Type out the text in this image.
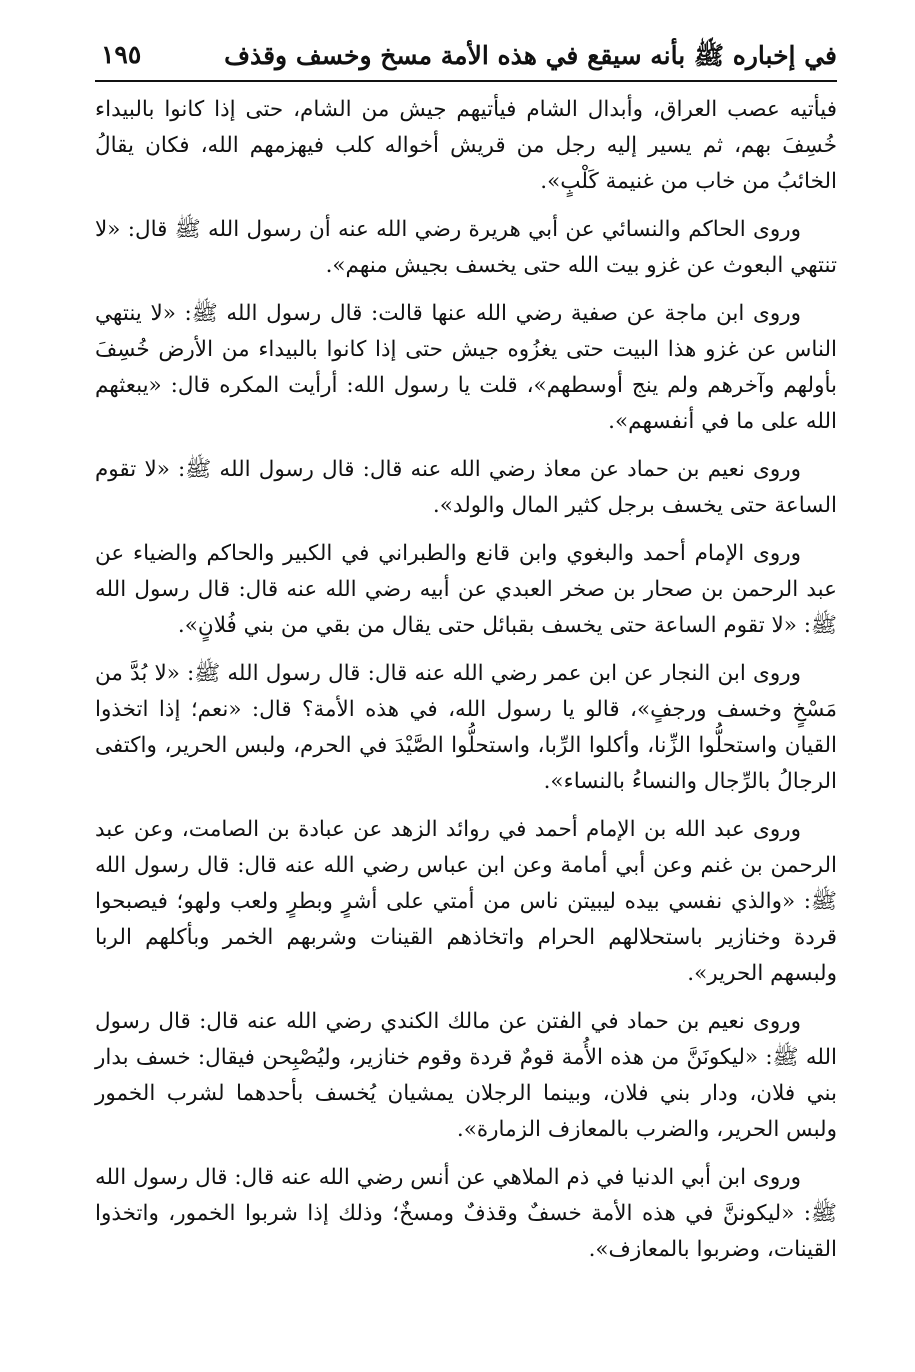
في إخباره ﷺ بأنه سيقع في هذه الأمة مسخ وخسف وقذف
١٩٥

فيأتيه عصب العراق، وأبدال الشام فيأتيهم جيش من الشام، حتى إذا كانوا بالبيداء خُسِفَ بهم، ثم يسير إليه رجل من قريش أخواله كلب فيهزمهم الله، فكان يقالُ الخائبُ من خاب من غنيمة كَلْبٍ».

وروى الحاكم والنسائي عن أبي هريرة رضي الله عنه أن رسول الله ﷺ قال: «لا تنتهي البعوث عن غزو بيت الله حتى يخسف بجيش منهم».

وروى ابن ماجة عن صفية رضي الله عنها قالت: قال رسول الله ﷺ: «لا ينتهي الناس عن غزو هذا البيت حتى يغزُوه جيش حتى إذا كانوا بالبيداء من الأرض خُسِفَ بأولهم وآخرهم ولم ينج أوسطهم»، قلت يا رسول الله: أرأيت المكره قال: «يبعثهم الله على ما في أنفسهم».

وروى نعيم بن حماد عن معاذ رضي الله عنه قال: قال رسول الله ﷺ: «لا تقوم الساعة حتى يخسف برجل كثير المال والولد».

وروى الإمام أحمد والبغوي وابن قانع والطبراني في الكبير والحاكم والضياء عن عبد الرحمن بن صحار بن صخر العبدي عن أبيه رضي الله عنه قال: قال رسول الله ﷺ: «لا تقوم الساعة حتى يخسف بقبائل حتى يقال من بقي من بني فُلانٍ».

وروى ابن النجار عن ابن عمر رضي الله عنه قال: قال رسول الله ﷺ: «لا بُدَّ من مَسْخٍ وخسف ورجفٍ»، قالو يا رسول الله، في هذه الأمة؟ قال: «نعم؛ إذا اتخذوا القيان واستحلُّوا الزِّنا، وأكلوا الرِّبا، واستحلُّوا الصَّيْدَ في الحرم، ولبس الحرير، واكتفى الرجالُ بالرِّجال والنساءُ بالنساء».

وروى عبد الله بن الإمام أحمد في روائد الزهد عن عبادة بن الصامت، وعن عبد الرحمن بن غنم وعن أبي أمامة وعن ابن عباس رضي الله عنه قال: قال رسول الله ﷺ: «والذي نفسي بيده ليبيتن ناس من أمتي على أشرٍ وبطرٍ ولعب ولهو؛ فيصبحوا قردة وخنازير باستحلالهم الحرام واتخاذهم القينات وشربهم الخمر وبأكلهم الربا ولبسهم الحرير».

وروى نعيم بن حماد في الفتن عن مالك الكندي رضي الله عنه قال: قال رسول الله ﷺ: «ليكونَنَّ من هذه الأُمة قومٌ قردة وقوم خنازير، وليُصْبِحن فيقال: خسف بدار بني فلان، ودار بني فلان، وبينما الرجلان يمشيان يُخسف بأحدهما لشرب الخمور ولبس الحرير، والضرب بالمعازف الزمارة».

وروى ابن أبي الدنيا في ذم الملاهي عن أنس رضي الله عنه قال: قال رسول الله ﷺ: «ليكوننَّ في هذه الأمة خسفٌ وقذفٌ ومسخٌ؛ وذلك إذا شربوا الخمور، واتخذوا القينات، وضربوا بالمعازف».
